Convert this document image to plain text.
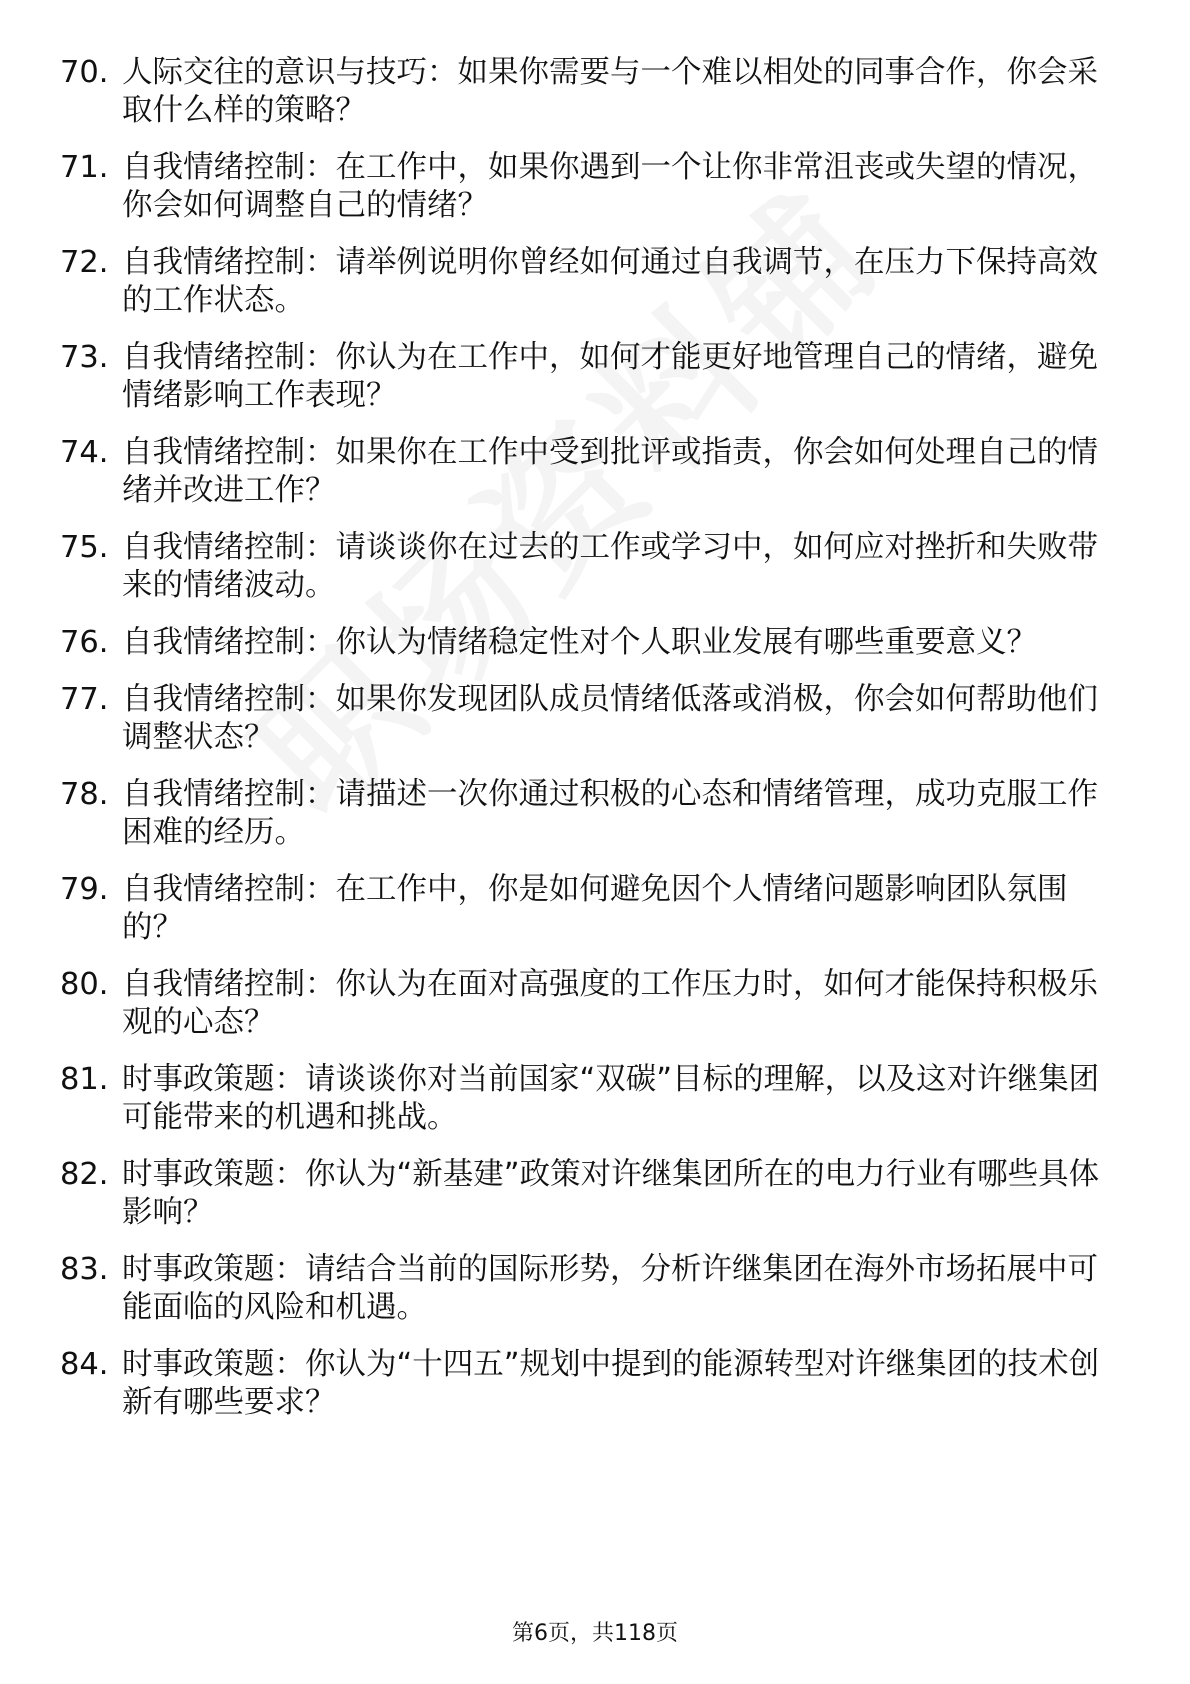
70. 人际交往的意识与技巧：如果你需要与一个难以相处的同事合作，你会采取什么样的策略？
71. 自我情绪控制：在工作中，如果你遇到一个让你非常沮丧或失望的情况，你会如何调整自己的情绪？
72. 自我情绪控制：请举例说明你曾经如何通过自我调节，在压力下保持高效的工作状态。
73. 自我情绪控制：你认为在工作中，如何才能更好地管理自己的情绪，避免情绪影响工作表现？
74. 自我情绪控制：如果你在工作中受到批评或指责，你会如何处理自己的情绪并改进工作？
75. 自我情绪控制：请谈谈你在过去的工作或学习中，如何应对挫折和失败带来的情绪波动。
76. 自我情绪控制：你认为情绪稳定性对个人职业发展有哪些重要意义？
77. 自我情绪控制：如果你发现团队成员情绪低落或消极，你会如何帮助他们调整状态？
78. 自我情绪控制：请描述一次你通过积极的心态和情绪管理，成功克服工作困难的经历。
79. 自我情绪控制：在工作中，你是如何避免因个人情绪问题影响团队氛围的？
80. 自我情绪控制：你认为在面对高强度的工作压力时，如何才能保持积极乐观的心态？
81. 时事政策题：请谈谈你对当前国家“双碳”目标的理解，以及这对许继集团可能带来的机遇和挑战。
82. 时事政策题：你认为“新基建”政策对许继集团所在的电力行业有哪些具体影响？
83. 时事政策题：请结合当前的国际形势，分析许继集团在海外市场拓展中可能面临的风险和机遇。
84. 时事政策题：你认为“十四五”规划中提到的能源转型对许继集团的技术创新有哪些要求？
第6页，共118页
